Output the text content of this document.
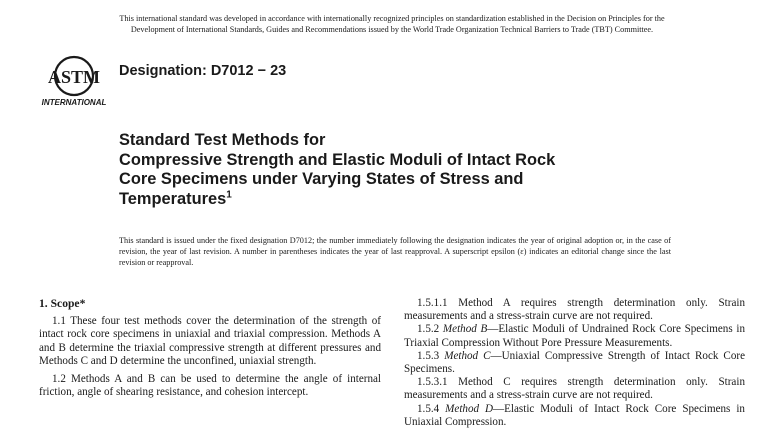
This international standard was developed in accordance with internationally recognized principles on standardization established in the Decision on Principles for the
Development of International Standards, Guides and Recommendations issued by the World Trade Organization Technical Barriers to Trade (TBT) Committee.
ASTM
INTERNATIONAL
Designation: D7012 − 23
Standard Test Methods for
Compressive Strength and Elastic Moduli of Intact Rock
Core Specimens under Varying States of Stress and
Temperatures$^1$
This standard is issued under the fixed designation D7012; the number immediately following the designation indicates the year of original adoption or, in the case of revision, the year of last revision. A number in parentheses indicates the year of last reapproval. A superscript epsilon (ε) indicates an editorial change since the last revision or reapproval.
1. Scope*

1.1 These four test methods cover the determination of the strength of intact rock core specimens in uniaxial and triaxial compression. Methods A and B determine the triaxial compressive strength at different pressures and Methods C and D determine the unconfined, uniaxial strength.

1.2 Methods A and B can be used to determine the angle of internal friction, angle of shearing resistance, and cohesion intercept.

1.5.1.1 Method A requires strength determination only. Strain measurements and a stress-strain curve are not required.

1.5.2 Method B—Elastic Moduli of Undrained Rock Core Specimens in Triaxial Compression Without Pore Pressure Measurements.

1.5.3 Method C—Uniaxial Compressive Strength of Intact Rock Core Specimens.

1.5.3.1 Method C requires strength determination only. Strain measurements and a stress-strain curve are not required.

1.5.4 Method D—Elastic Moduli of Intact Rock Core Specimens in Uniaxial Compression.
